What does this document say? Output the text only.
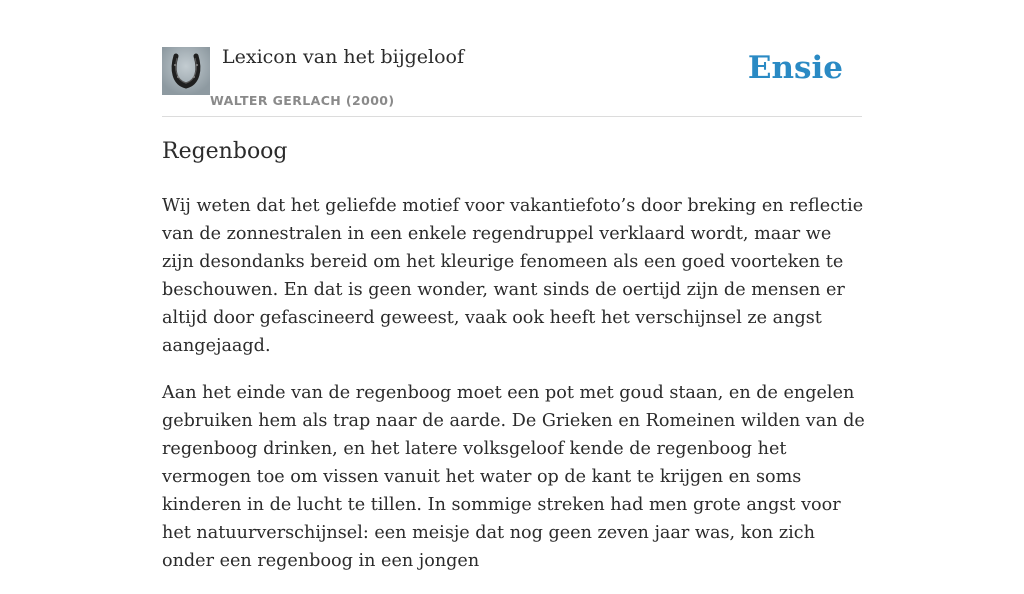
Lexicon van het bijgeloof
WALTER GERLACH (2000)
Ensie
Regenboog

Wij weten dat het geliefde motief voor vakantiefoto’s door breking en reflectie van de zonnestralen in een enkele regendruppel verklaard wordt, maar we zijn desondanks bereid om het kleurige fenomeen als een goed voorteken te beschouwen. En dat is geen wonder, want sinds de oertijd zijn de mensen er altijd door gefascineerd geweest, vaak ook heeft het verschijnsel ze angst aangejaagd.

Aan het einde van de regenboog moet een pot met goud staan, en de engelen gebruiken hem als trap naar de aarde. De Grieken en Romeinen wilden van de regenboog drinken, en het latere volksgeloof kende de regenboog het vermogen toe om vissen vanuit het water op de kant te krijgen en soms kinderen in de lucht te tillen. In sommige streken had men grote angst voor het natuurverschijnsel: een meisje dat nog geen zeven jaar was, kon zich onder een regenboog in een jongen
